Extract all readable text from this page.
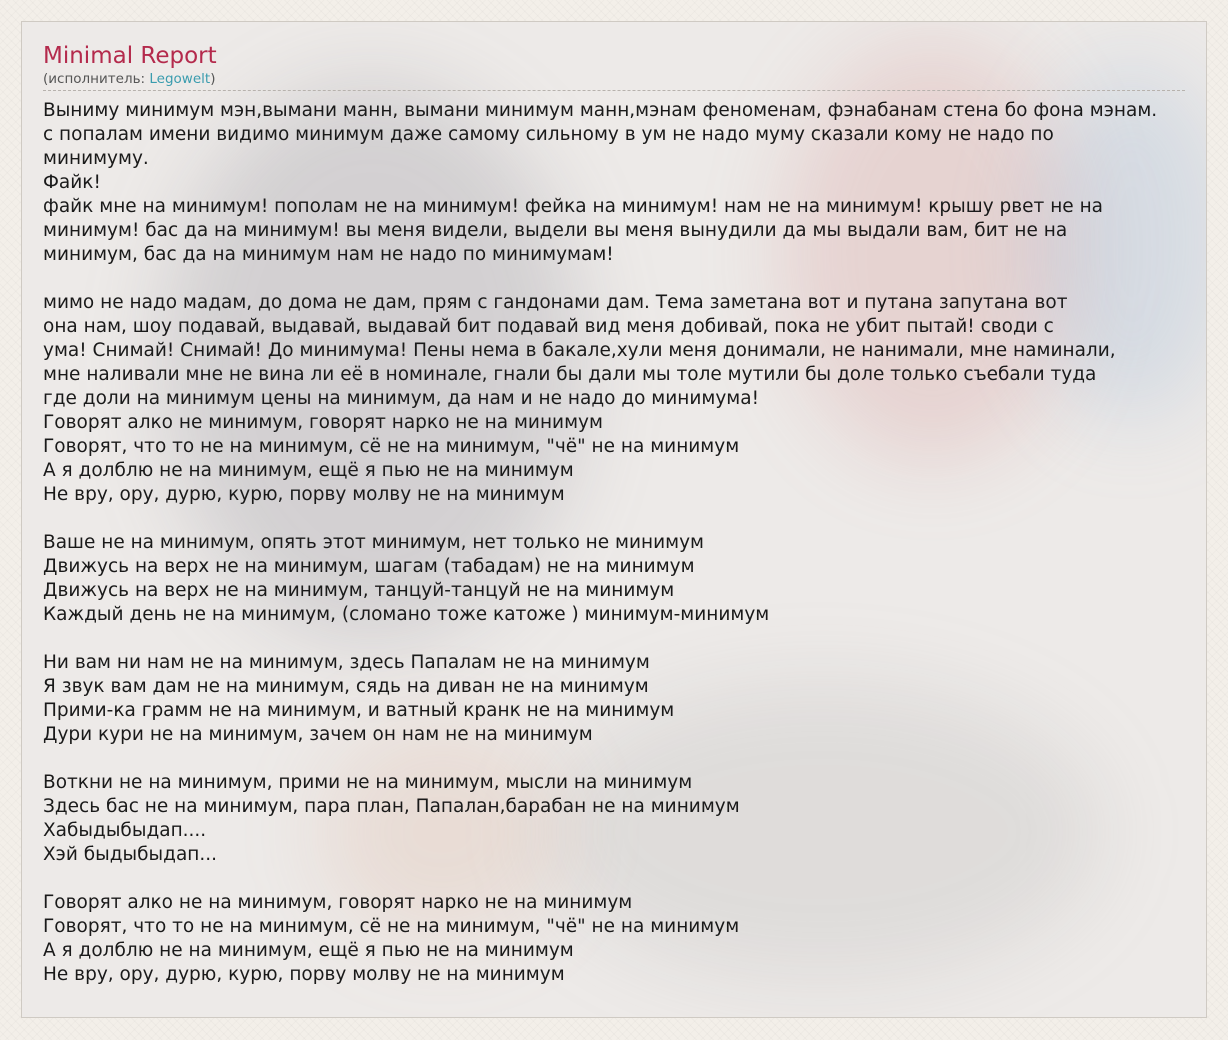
Minimal Report
(исполнитель: Legowelt)
Выниму минимум мэн,вымани манн, вымани минимум манн,мэнам феноменам, фэнабанам стена бо фона мэнам.
с попалам имени видимо минимум даже самому сильному в ум не надо муму сказали кому не надо по
минимуму.
Файк!
файк мне на минимум! пополам не на минимум! фейка на минимум! нам не на минимум! крышу рвет не на
минимум! бас да на минимум! вы меня видели, выдели вы меня вынудили да мы выдали вам, бит не на
минимум, бас да на минимум нам не надо по минимумам!

мимо не надо мадам, до дома не дам, прям с гандонами дам. Тема заметана вот и путана запутана вот
она нам, шоу подавай, выдавай, выдавай бит подавай вид меня добивай, пока не убит пытай! своди с
ума! Снимай! Снимай! До минимума! Пены нема в бакале,хули меня донимали, не нанимали, мне наминали,
мне наливали мне не вина ли её в номинале, гнали бы дали мы толе мутили бы доле только съебали туда
где доли на минимум цены на минимум, да нам и не надо до минимума!
Говорят алко не минимум, говорят нарко не на минимум
Говорят, что то не на минимум, сё не на минимум, "чё" не на минимум
А я долблю не на минимум, ещё я пью не на минимум
Не вру, ору, дурю, курю, порву молву не на минимум

Ваше не на минимум, опять этот минимум, нет только не минимум
Движусь на верх не на минимум, шагам (табадам) не на минимум
Движусь на верх не на минимум, танцуй-танцуй не на минимум
Каждый день не на минимум, (сломано тоже катоже ) минимум-минимум

Ни вам ни нам не на минимум, здесь Папалам не на минимум
Я звук вам дам не на минимум, сядь на диван не на минимум
Прими-ка грамм не на минимум, и ватный кранк не на минимум
Дури кури не на минимум, зачем он нам не на минимум

Воткни не на минимум, прими не на минимум, мысли на минимум
Здесь бас не на минимум, пара план, Папалан,барабан не на минимум
Хабыдыбыдап....
Хэй быдыбыдап...

Говорят алко не на минимум, говорят нарко не на минимум
Говорят, что то не на минимум, сё не на минимум, "чё" не на минимум
А я долблю не на минимум, ещё я пью не на минимум
Не вру, ору, дурю, курю, порву молву не на минимум
